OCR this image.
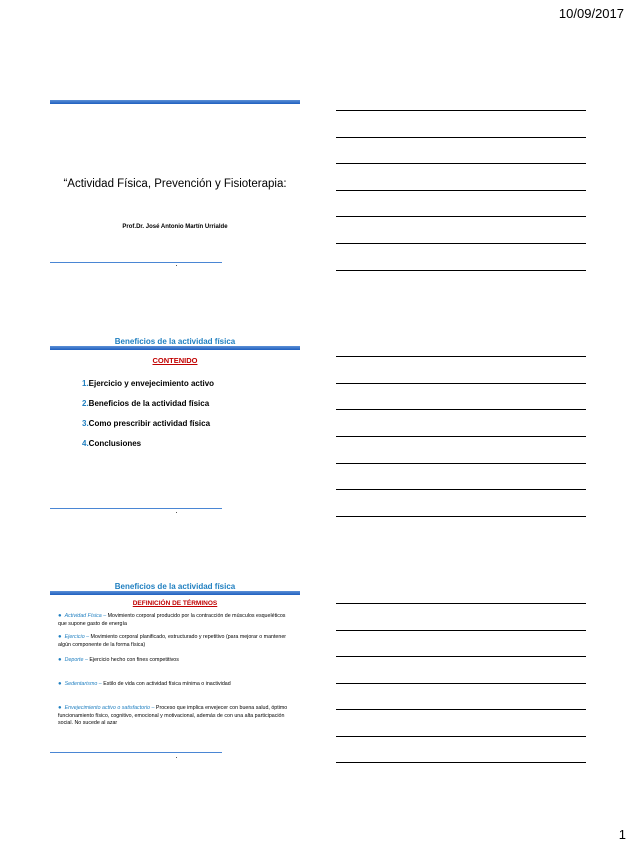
10/09/2017
“Actividad Física, Prevención y Fisioterapia:
Prof.Dr. José Antonio Martín Urrialde
Beneficios de la actividad física
CONTENIDO
1.Ejercicio y envejecimiento activo
2.Beneficios de la actividad física
3.Como prescribir actividad física
4.Conclusiones
Beneficios de la actividad física
DEFINICIÓN DE TÉRMINOS
● Actividad Física – Movimiento corporal producido por la contracción de músculos esqueléticos que supone gasto de energía
● Ejercicio – Movimiento corporal planificado, estructurado y repetitivo (para mejorar o mantener algún componente de la forma física)
● Deporte – Ejercicio hecho con fines competitivos
● Sedentarismo – Estilo de vida con actividad física mínima o inactividad
● Envejecimiento activo o satisfactorio – Proceso que implica envejecer con buena salud, óptimo funcionamiento físico, cognitivo, emocional y motivacional, además de con una alta participación social. No sucede al azar
1
